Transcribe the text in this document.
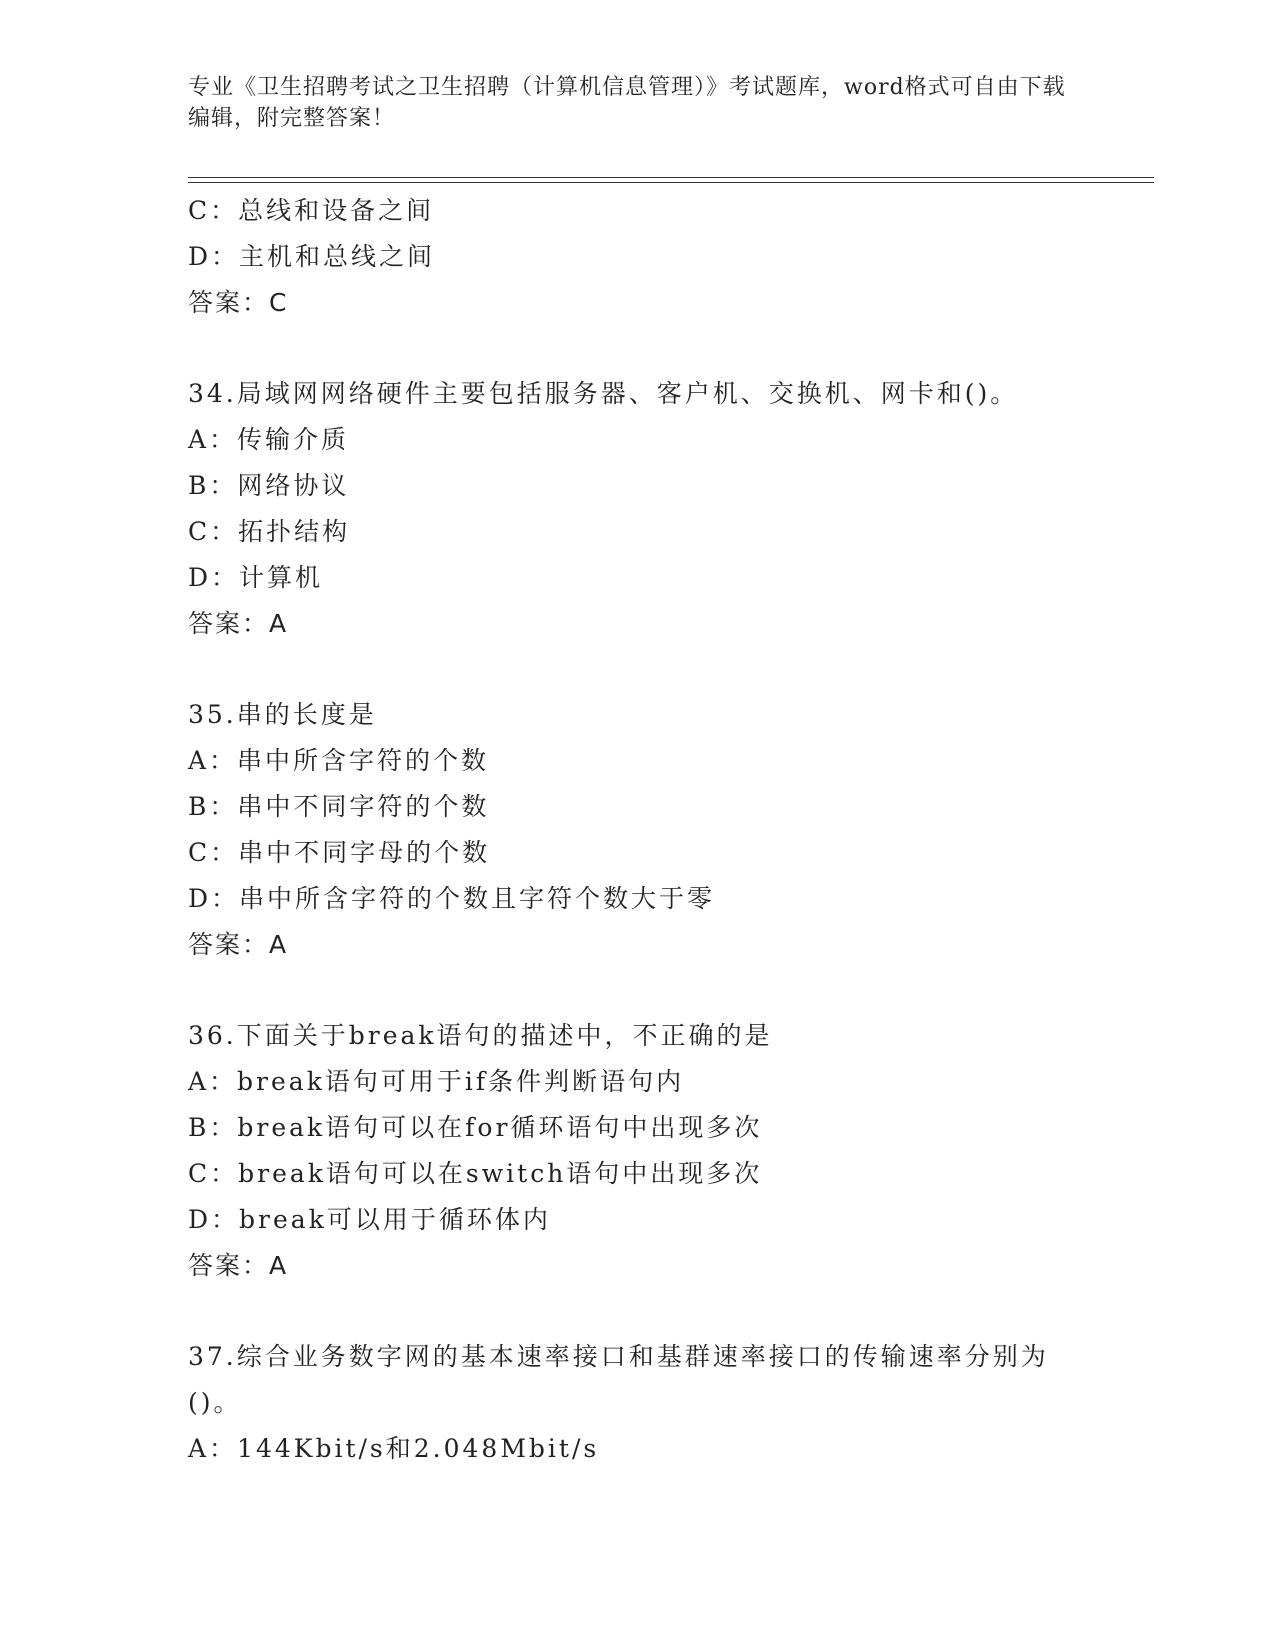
专业《卫生招聘考试之卫生招聘（计算机信息管理）》考试题库，word格式可自由下载编辑，附完整答案！
C：总线和设备之间
D：主机和总线之间
答案：C
34.局域网网络硬件主要包括服务器、客户机、交换机、网卡和()。
A：传输介质
B：网络协议
C：拓扑结构
D：计算机
答案：A
35.串的长度是
A：串中所含字符的个数
B：串中不同字符的个数
C：串中不同字母的个数
D：串中所含字符的个数且字符个数大于零
答案：A
36.下面关于break语句的描述中，不正确的是
A：break语句可用于if条件判断语句内
B：break语句可以在for循环语句中出现多次
C：break语句可以在switch语句中出现多次
D：break可以用于循环体内
答案：A
37.综合业务数字网的基本速率接口和基群速率接口的传输速率分别为()。
A：144Kbit/s和2.048Mbit/s
